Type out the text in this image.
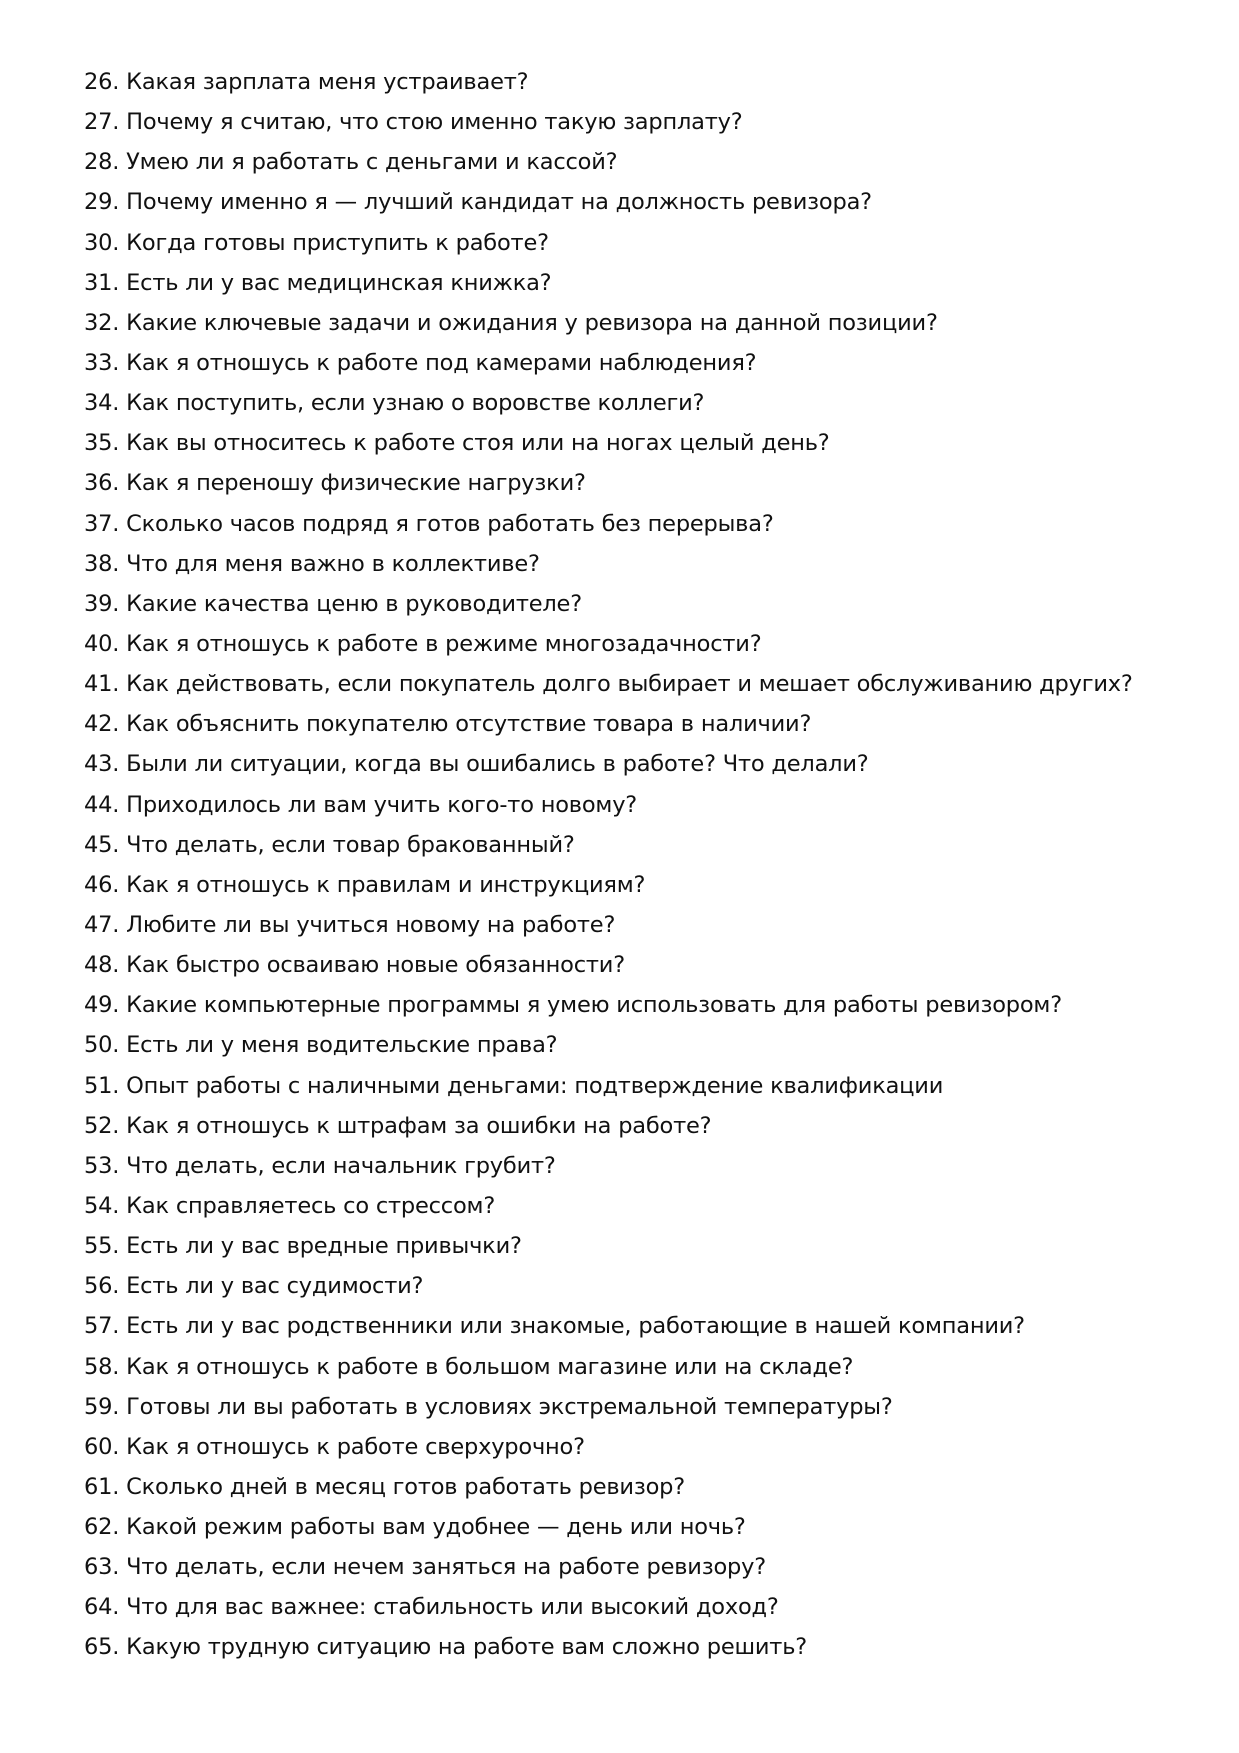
26. Какая зарплата меня устраивает?
27. Почему я считаю, что стою именно такую зарплату?
28. Умею ли я работать с деньгами и кассой?
29. Почему именно я — лучший кандидат на должность ревизора?
30. Когда готовы приступить к работе?
31. Есть ли у вас медицинская книжка?
32. Какие ключевые задачи и ожидания у ревизора на данной позиции?
33. Как я отношусь к работе под камерами наблюдения?
34. Как поступить, если узнаю о воровстве коллеги?
35. Как вы относитесь к работе стоя или на ногах целый день?
36. Как я переношу физические нагрузки?
37. Сколько часов подряд я готов работать без перерыва?
38. Что для меня важно в коллективе?
39. Какие качества ценю в руководителе?
40. Как я отношусь к работе в режиме многозадачности?
41. Как действовать, если покупатель долго выбирает и мешает обслуживанию других?
42. Как объяснить покупателю отсутствие товара в наличии?
43. Были ли ситуации, когда вы ошибались в работе? Что делали?
44. Приходилось ли вам учить кого-то новому?
45. Что делать, если товар бракованный?
46. Как я отношусь к правилам и инструкциям?
47. Любите ли вы учиться новому на работе?
48. Как быстро осваиваю новые обязанности?
49. Какие компьютерные программы я умею использовать для работы ревизором?
50. Есть ли у меня водительские права?
51. Опыт работы с наличными деньгами: подтверждение квалификации
52. Как я отношусь к штрафам за ошибки на работе?
53. Что делать, если начальник грубит?
54. Как справляетесь со стрессом?
55. Есть ли у вас вредные привычки?
56. Есть ли у вас судимости?
57. Есть ли у вас родственники или знакомые, работающие в нашей компании?
58. Как я отношусь к работе в большом магазине или на складе?
59. Готовы ли вы работать в условиях экстремальной температуры?
60. Как я отношусь к работе сверхурочно?
61. Сколько дней в месяц готов работать ревизор?
62. Какой режим работы вам удобнее — день или ночь?
63. Что делать, если нечем заняться на работе ревизору?
64. Что для вас важнее: стабильность или высокий доход?
65. Какую трудную ситуацию на работе вам сложно решить?
